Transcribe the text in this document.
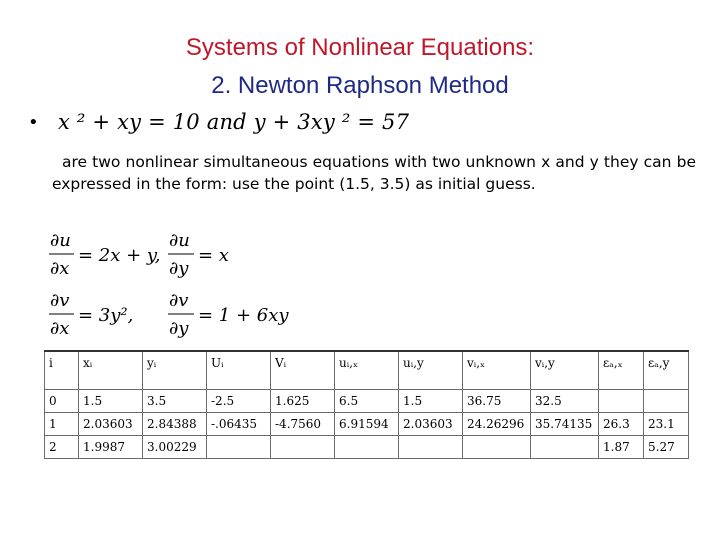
Systems of Nonlinear Equations:
2. Newton Raphson Method
• x ² + xy = 10 and y + 3xy ² = 57
are two nonlinear simultaneous equations with two unknown x and y they can be expressed in the form: use the point (1.5, 3.5) as initial guess.
∂u
∂x
= 2x + y,
∂u
∂y
= x
∂v
∂x
= 3y²,
∂v
∂y
= 1 + 6xy
i	xᵢ	yᵢ	Uᵢ	Vᵢ	uᵢ,ₓ	uᵢ,y	vᵢ,ₓ	vᵢ,y	εₐ,ₓ	εₐ,y
0	1.5	3.5	-2.5	1.625	6.5	1.5	36.75	32.5		
1	2.03603	2.84388	-.06435	-4.7560	6.91594	2.03603	24.26296	35.74135	26.3	23.1
2	1.9987	3.00229							1.87	5.27
